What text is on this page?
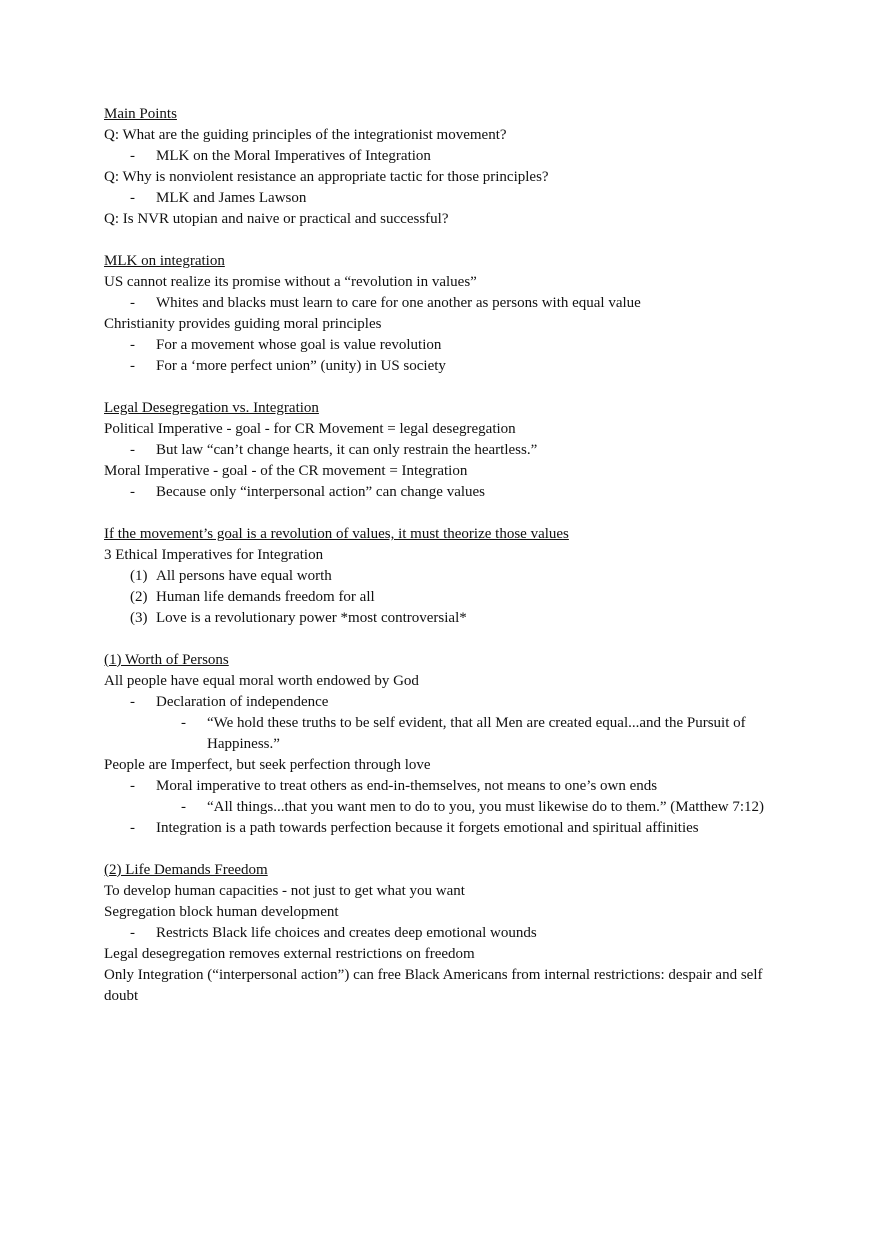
Main Points
Q: What are the guiding principles of the integrationist movement?
- MLK on the Moral Imperatives of Integration
Q: Why is nonviolent resistance an appropriate tactic for those principles?
- MLK and James Lawson
Q: Is NVR utopian and naive or practical and successful?
MLK on integration
US cannot realize its promise without a “revolution in values”
- Whites and blacks must learn to care for one another as persons with equal value
Christianity provides guiding moral principles
- For a movement whose goal is value revolution
- For a ‘more perfect union” (unity) in US society
Legal Desegregation vs. Integration
Political Imperative - goal - for CR Movement = legal desegregation
- But law “can’t change hearts, it can only restrain the heartless.”
Moral Imperative - goal - of the CR movement = Integration
- Because only “interpersonal action” can change values
If the movement’s goal is a revolution of values, it must theorize those values
3 Ethical Imperatives for Integration
(1) All persons have equal worth
(2) Human life demands freedom for all
(3) Love is a revolutionary power *most controversial*
(1) Worth of Persons
All people have equal moral worth endowed by God
- Declaration of independence
- “We hold these truths to be self evident, that all Men are created equal...and the Pursuit of Happiness.”
People are Imperfect, but seek perfection through love
- Moral imperative to treat others as end-in-themselves, not means to one’s own ends
- “All things...that you want men to do to you, you must likewise do to them.” (Matthew 7:12)
- Integration is a path towards perfection because it forgets emotional and spiritual affinities
(2) Life Demands Freedom
To develop human capacities - not just to get what you want
Segregation block human development
- Restricts Black life choices and creates deep emotional wounds
Legal desegregation removes external restrictions on freedom
Only Integration (“interpersonal action”) can free Black Americans from internal restrictions: despair and self doubt
